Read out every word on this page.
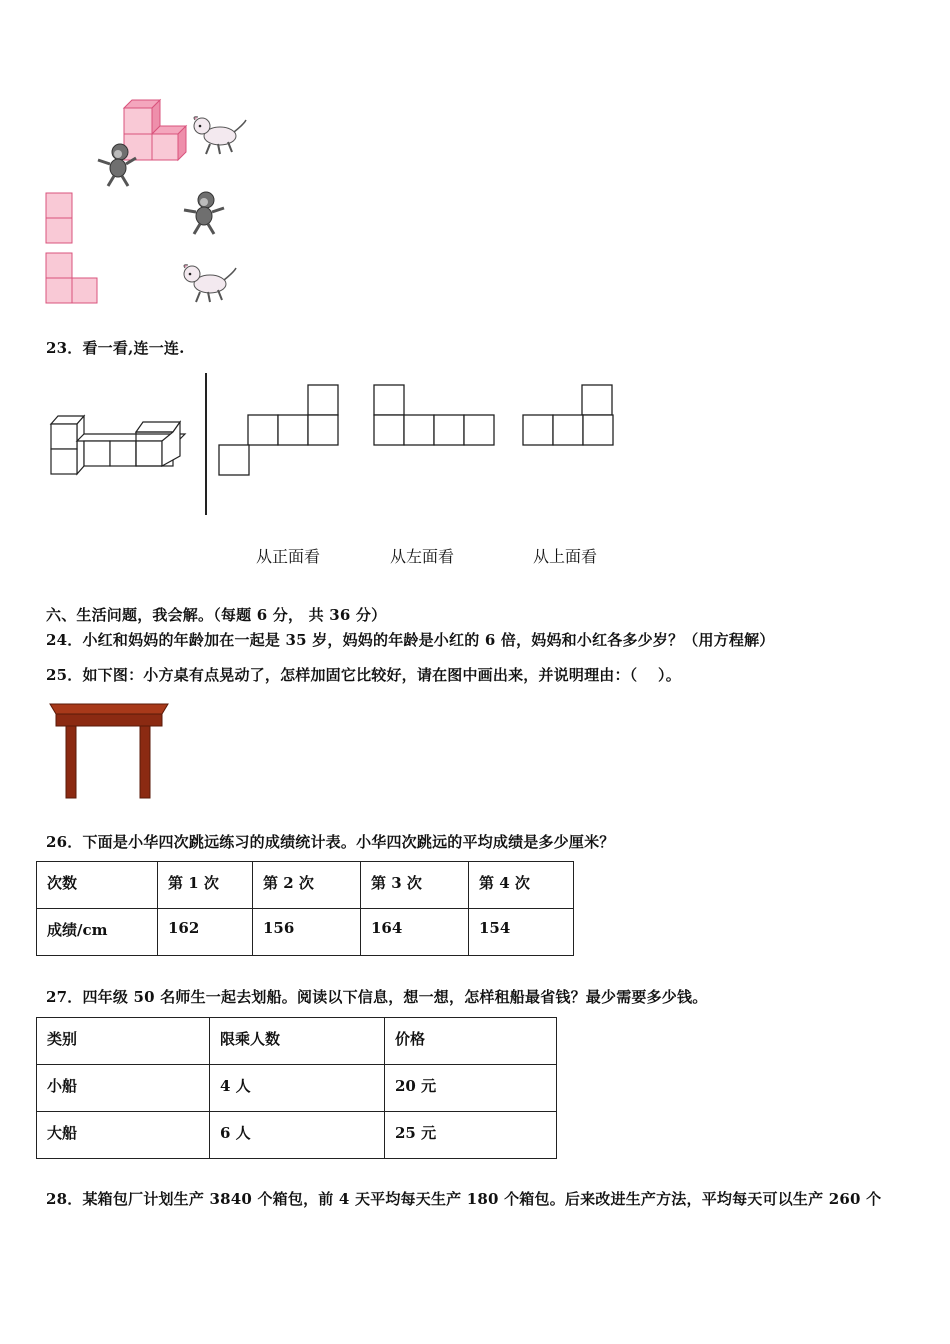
23．看一看,连一连.
从正面看	从左面看	从上面看
六、生活问题，我会解。（每题 6 分， 共 36 分）
24．小红和妈妈的年龄加在一起是 35 岁，妈妈的年龄是小红的 6 倍，妈妈和小红各多少岁？（用方程解）
25．如下图：小方桌有点晃动了，怎样加固它比较好，请在图中画出来，并说明理由：（　 ）。
26．下面是小华四次跳远练习的成绩统计表。小华四次跳远的平均成绩是多少厘米？
次数	第 1 次	第 2 次	第 3 次	第 4 次
成绩/cm	162	156	164	154
27．四年级 50 名师生一起去划船。阅读以下信息，想一想，怎样租船最省钱？最少需要多少钱。
类别	限乘人数	价格
小船	4 人	20 元
大船	6 人	25 元
28．某箱包厂计划生产 3840 个箱包，前 4 天平均每天生产 180 个箱包。后来改进生产方法，平均每天可以生产 260 个
